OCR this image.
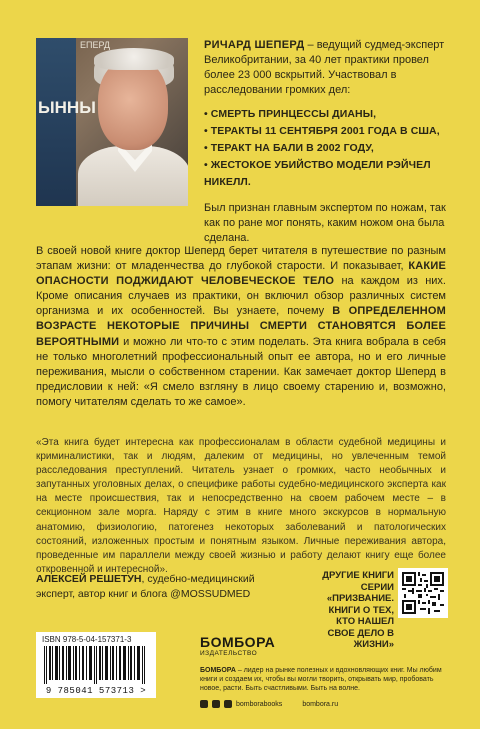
ЫННЫ
ЕПЕРД	РИЧАРД ШЕПЕРД – ведущий судмед-эксперт Великобритании, за 40 лет практики провел более 23 000 вскрытий. Участвовал в расследовании громких дел:

• СМЕРТЬ ПРИНЦЕССЫ ДИАНЫ,
• ТЕРАКТЫ 11 СЕНТЯБРЯ 2001 ГОДА В США,
• ТЕРАКТ НА БАЛИ В 2002 ГОДУ,
• ЖЕСТОКОЕ УБИЙСТВО МОДЕЛИ РЭЙЧЕЛ НИКЕЛЛ.

Был признан главным экспертом по ножам, так как по ране мог понять, каким ножом она была сделана.

В своей новой книге доктор Шеперд берет читателя в путешествие по разным этапам жизни: от младенчества до глубокой старости. И показывает, КАКИЕ ОПАСНОСТИ ПОДЖИДАЮТ ЧЕЛОВЕЧЕСКОЕ ТЕЛО на каждом из них. Кроме описания случаев из практики, он включил обзор различных систем организма и их особенностей. Вы узнаете, почему В ОПРЕДЕЛЕННОМ ВОЗРАСТЕ НЕКОТОРЫЕ ПРИЧИНЫ СМЕРТИ СТАНОВЯТСЯ БОЛЕЕ ВЕРОЯТНЫМИ и можно ли что-то с этим поделать. Эта книга вобрала в себя не только многолетний профессиональный опыт ее автора, но и его личные переживания, мысли о собственном старении. Как замечает доктор Шеперд в предисловии к ней: «Я смело взгляну в лицо своему старению и, возможно, помогу читателям сделать то же самое».

«Эта книга будет интересна как профессионалам в области судебной медицины и криминалистики, так и людям, далеким от медицины, но увлеченным темой расследования преступлений. Читатель узнает о громких, часто необычных и запутанных уголовных делах, о специфике работы судебно-медицинского эксперта как на месте происшествия, так и непосредственно на своем рабочем месте – в секционном зале морга. Наряду с этим в книге много экскурсов в нормальную анатомию, физиологию, патогенез некоторых заболеваний и патологических состояний, изложенных простым и понятным языком. Личные переживания автора, проведенные им параллели между своей жизнью и работу делают книгу еще более откровенной и интересной».

АЛЕКСЕЙ РЕШЕТУН, судебно-медицинский эксперт, автор книг и блога @MOSSUDMED

ДРУГИЕ КНИГИ СЕРИИ «ПРИЗВАНИЕ. КНИГИ О ТЕХ, КТО НАШЕЛ СВОЕ ДЕЛО В ЖИЗНИ»

ISBN 978-5-04-157371-3
9 785041 573713 >
БОМБОРА
ИЗДАТЕЛЬСТВО

БОМБОРА – лидер на рынке полезных и вдохновляющих книг. Мы любим книги и создаем их, чтобы вы могли творить, открывать мир, пробовать новое, расти. Быть счастливыми. Быть на волне.

bomborabooks	bombora.ru
